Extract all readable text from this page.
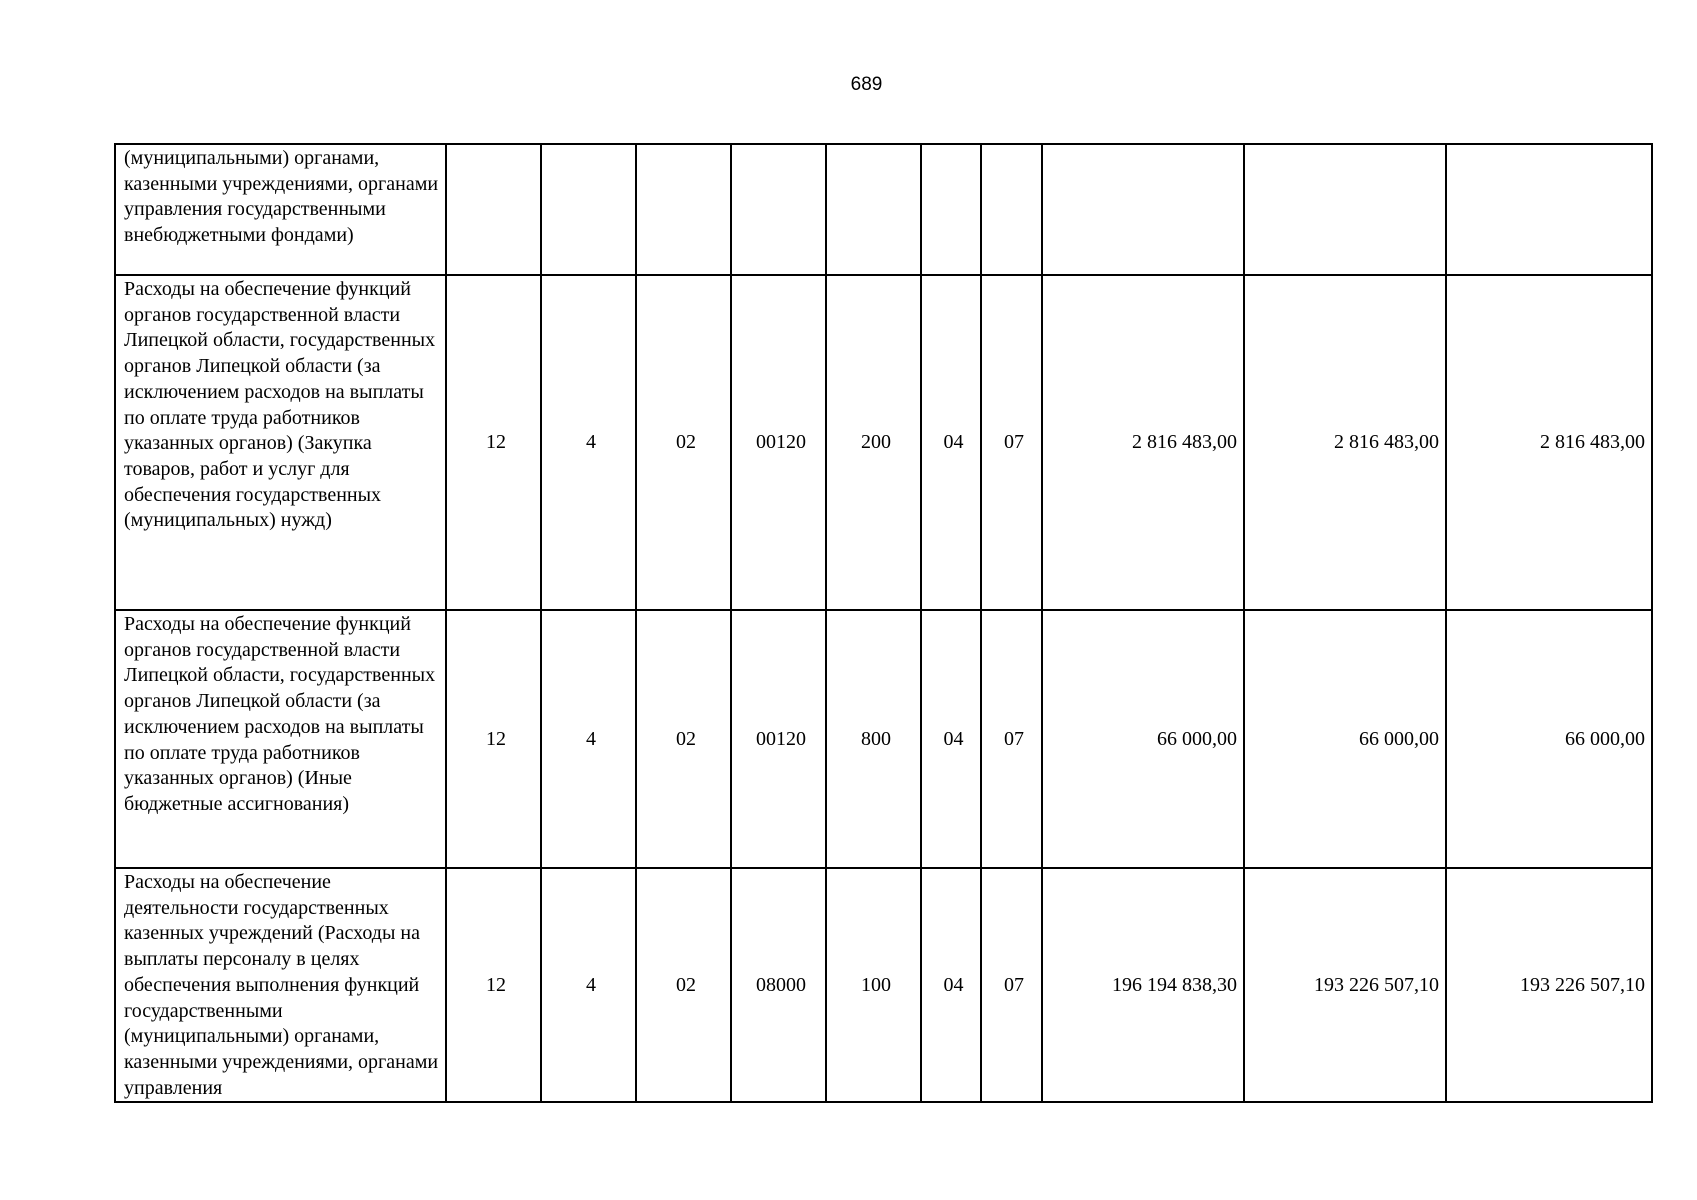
689
(муниципальными) органами, казенными учреждениями, органами управления государственными внебюджетными фондами)										
Расходы на обеспечение функций органов государственной власти Липецкой области, государственных органов Липецкой области (за исключением расходов на выплаты по оплате труда работников указанных органов) (Закупка товаров, работ и услуг для обеспечения государственных (муниципальных) нужд)	12	4	02	00120	200	04	07	2 816 483,00	2 816 483,00	2 816 483,00
Расходы на обеспечение функций органов государственной власти Липецкой области, государственных органов Липецкой области (за исключением расходов на выплаты по оплате труда работников указанных органов) (Иные бюджетные ассигнования)	12	4	02	00120	800	04	07	66 000,00	66 000,00	66 000,00
Расходы на обеспечение деятельности государственных казенных учреждений (Расходы на выплаты персоналу в целях обеспечения выполнения функций государственными (муниципальными) органами, казенными учреждениями, органами управления	12	4	02	08000	100	04	07	196 194 838,30	193 226 507,10	193 226 507,10
